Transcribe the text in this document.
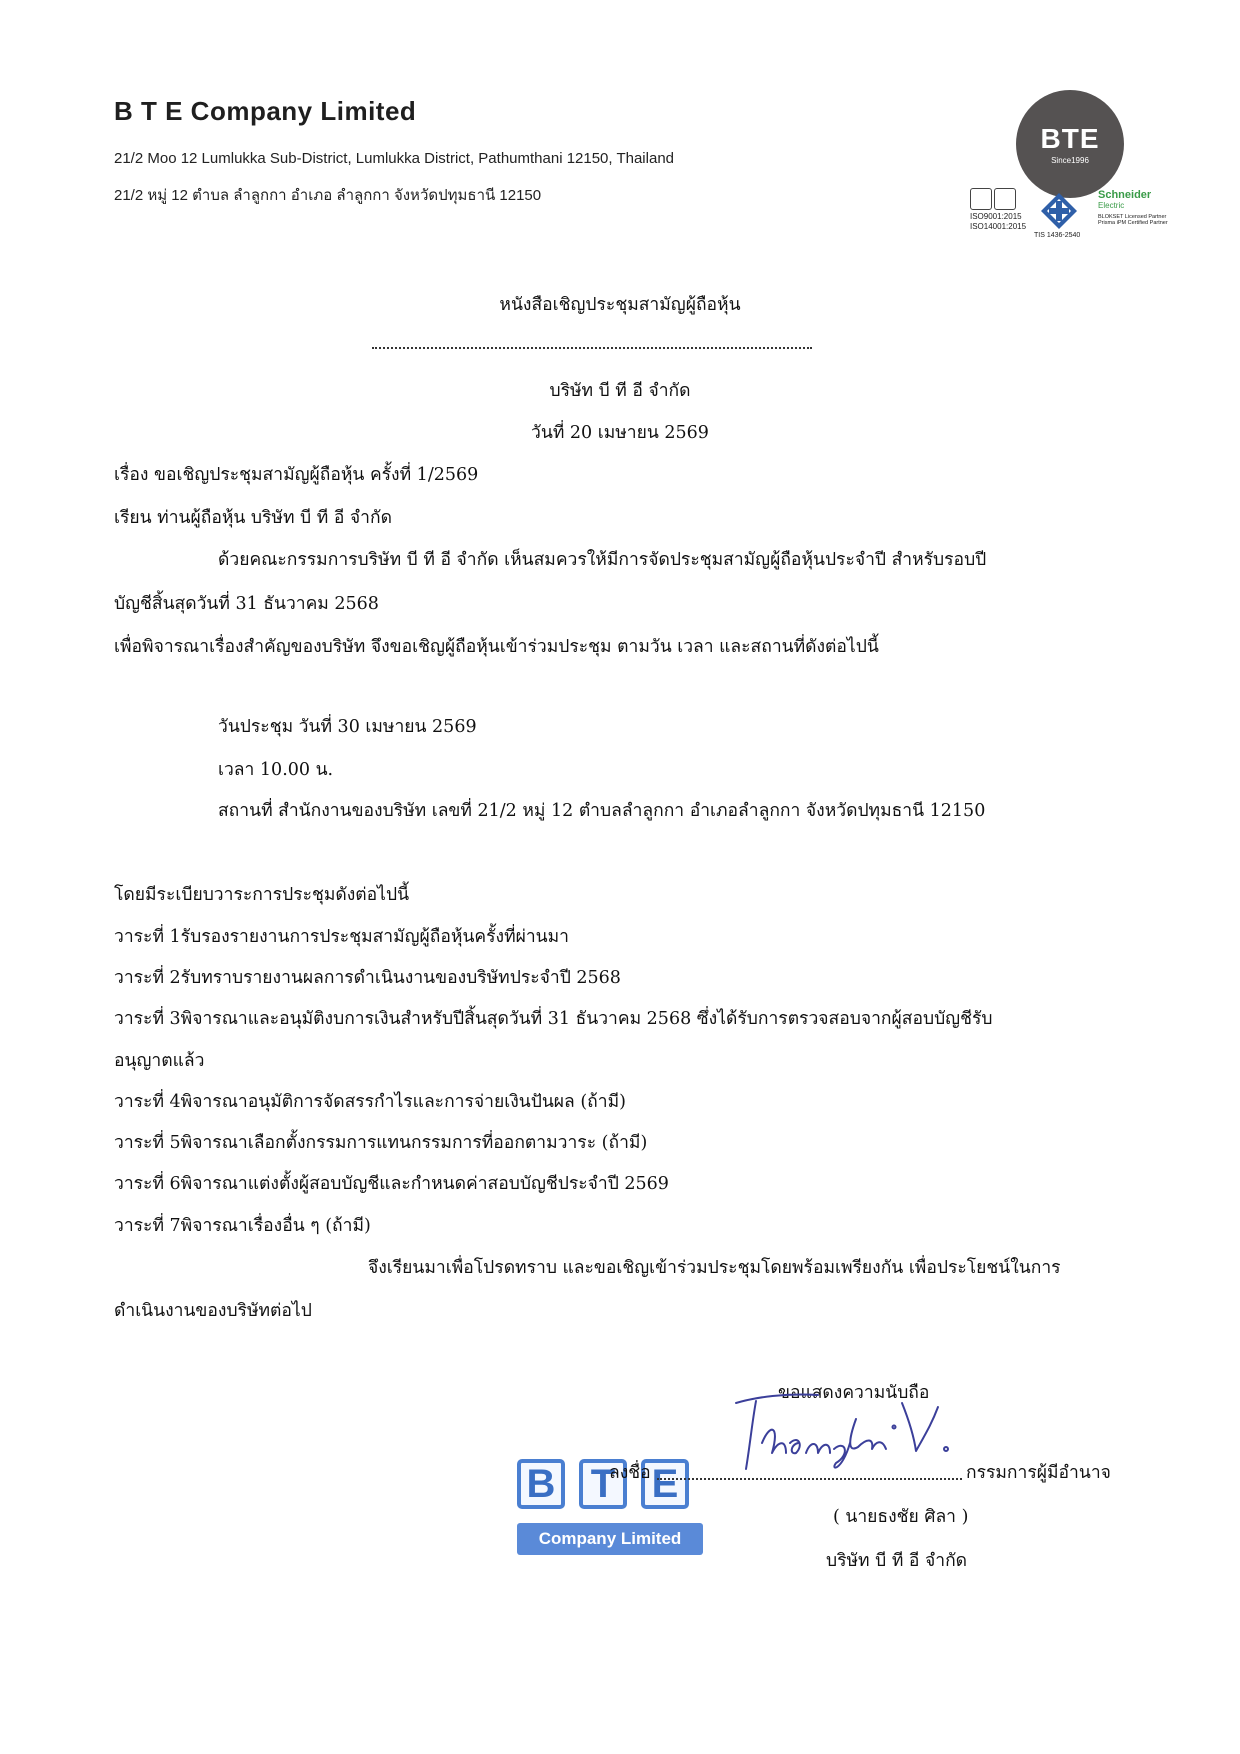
B T E Company Limited
21/2 Moo 12 Lumlukka Sub-District, Lumlukka District, Pathumthani 12150, Thailand
21/2 หมู่ 12 ตำบล ลำลูกกา อำเภอ ลำลูกกา จังหวัดปทุมธานี 12150
BTE
Since1996
ISO9001:2015
ISO14001:2015
TIS 1436-2540
Schneider
Electric
BLOKSET Licensed Partner
Prisma iPM Certified Partner
หนังสือเชิญประชุมสามัญผู้ถือหุ้น
บริษัท บี ที อี จำกัด
วันที่ 20 เมษายน 2569
เรื่อง ขอเชิญประชุมสามัญผู้ถือหุ้น ครั้งที่ 1/2569
เรียน ท่านผู้ถือหุ้น บริษัท บี ที อี จำกัด
ด้วยคณะกรรมการบริษัท บี ที อี จำกัด เห็นสมควรให้มีการจัดประชุมสามัญผู้ถือหุ้นประจำปี สำหรับรอบปี
บัญชีสิ้นสุดวันที่ 31 ธันวาคม 2568
เพื่อพิจารณาเรื่องสำคัญของบริษัท จึงขอเชิญผู้ถือหุ้นเข้าร่วมประชุม ตามวัน เวลา และสถานที่ดังต่อไปนี้
วันประชุม วันที่ 30 เมษายน 2569
เวลา 10.00 น.
สถานที่ สำนักงานของบริษัท เลขที่ 21/2 หมู่ 12 ตำบลลำลูกกา อำเภอลำลูกกา จังหวัดปทุมธานี 12150
โดยมีระเบียบวาระการประชุมดังต่อไปนี้
วาระที่ 1รับรองรายงานการประชุมสามัญผู้ถือหุ้นครั้งที่ผ่านมา
วาระที่ 2รับทราบรายงานผลการดำเนินงานของบริษัทประจำปี 2568
วาระที่ 3พิจารณาและอนุมัติงบการเงินสำหรับปีสิ้นสุดวันที่ 31 ธันวาคม 2568 ซึ่งได้รับการตรวจสอบจากผู้สอบบัญชีรับ
อนุญาตแล้ว
วาระที่ 4พิจารณาอนุมัติการจัดสรรกำไรและการจ่ายเงินปันผล (ถ้ามี)
วาระที่ 5พิจารณาเลือกตั้งกรรมการแทนกรรมการที่ออกตามวาระ (ถ้ามี)
วาระที่ 6พิจารณาแต่งตั้งผู้สอบบัญชีและกำหนดค่าสอบบัญชีประจำปี 2569
วาระที่ 7พิจารณาเรื่องอื่น ๆ (ถ้ามี)
จึงเรียนมาเพื่อโปรดทราบ และขอเชิญเข้าร่วมประชุมโดยพร้อมเพรียงกัน เพื่อประโยชน์ในการ
ดำเนินงานของบริษัทต่อไป
ขอแสดงความนับถือ
B T E
Company Limited
ลงชื่อ	กรรมการผู้มีอำนาจ
( นายธงชัย ศิลา )
บริษัท บี ที อี จำกัด
